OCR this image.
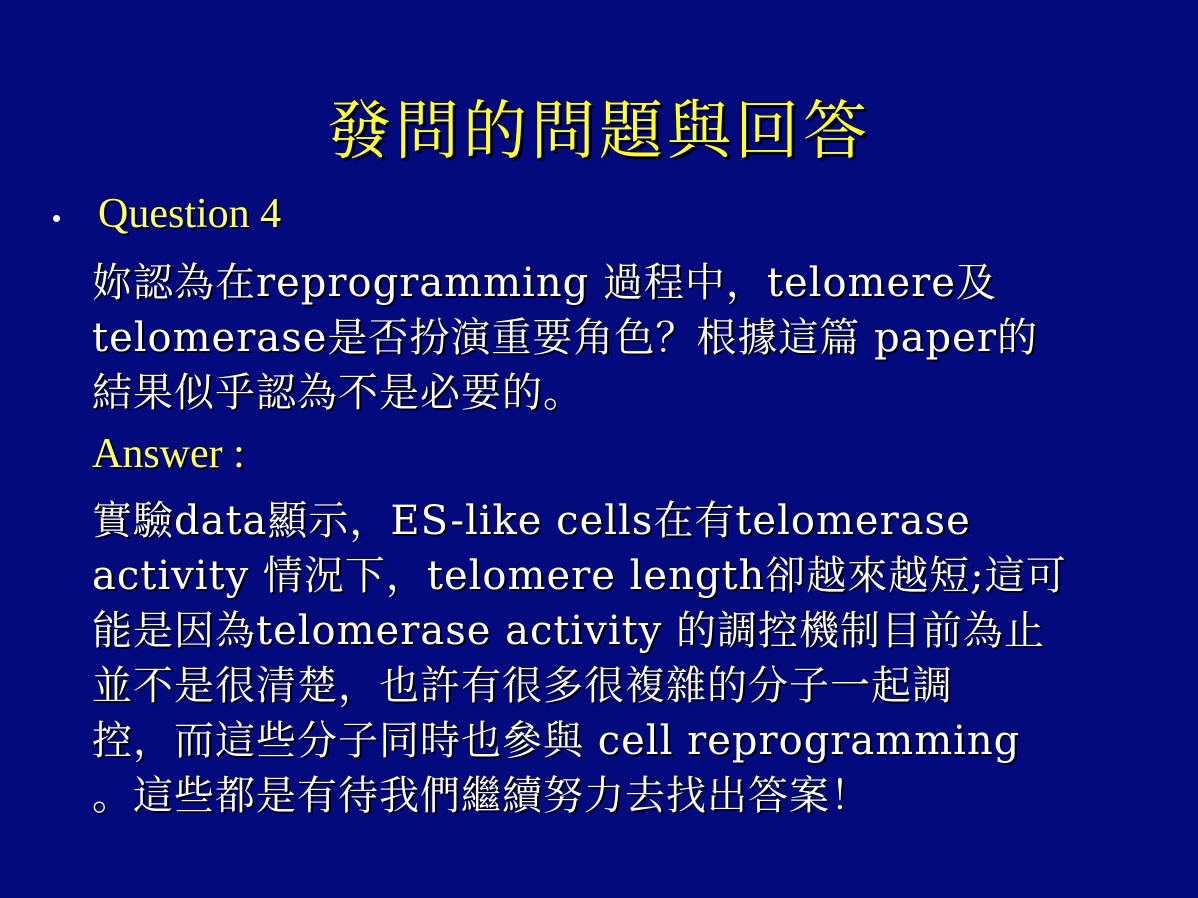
發問的問題與回答
• Question 4
妳認為在reprogramming 過程中，telomere及
telomerase是否扮演重要角色？根據這篇 paper的
結果似乎認為不是必要的。
Answer :
實驗data顯示，ES-like cells在有telomerase
activity 情況下，telomere length卻越來越短;這可
能是因為telomerase activity 的調控機制目前為止
並不是很清楚，也許有很多很複雜的分子一起調
控，而這些分子同時也參與 cell reprogramming
。這些都是有待我們繼續努力去找出答案！
